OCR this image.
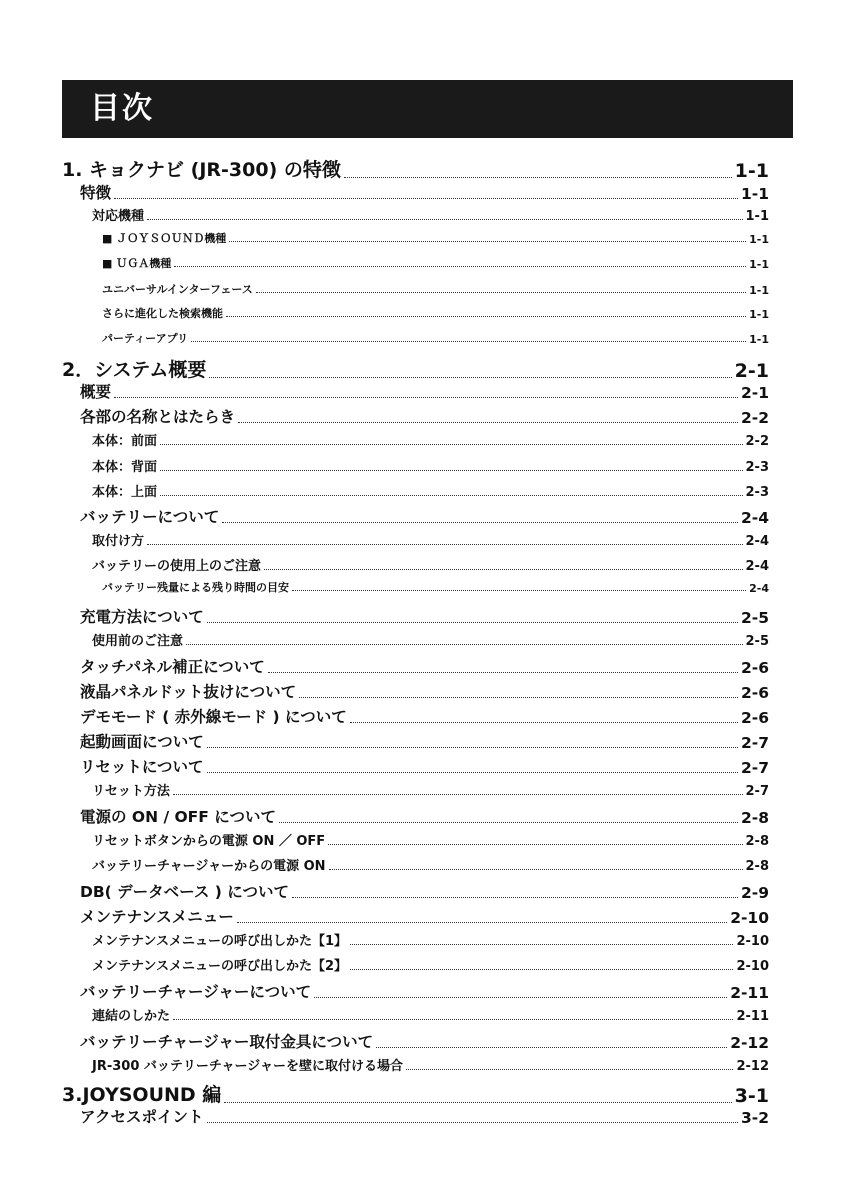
目次
1. キョクナビ (JR-300) の特徴	1-1
特徴	1-1
対応機種	1-1
■ ＪＯＹＳＯＵＮＤ機種	1-1
■ ＵＧＡ機種	1-1
ユニバーサルインターフェース	1-1
さらに進化した検索機能	1-1
パーティーアプリ	1-1
2．システム概要	2-1
概要	2-1
各部の名称とはたらき	2-2
本体：前面	2-2
本体：背面	2-3
本体：上面	2-3
バッテリーについて	2-4
取付け方	2-4
バッテリーの使用上のご注意	2-4
バッテリー残量による残り時間の目安	2-4
充電方法について	2-5
使用前のご注意	2-5
タッチパネル補正について	2-6
液晶パネルドット抜けについて	2-6
デモモード ( 赤外線モード ) について	2-6
起動画面について	2-7
リセットについて	2-7
リセット方法	2-7
電源の ON / OFF について	2-8
リセットボタンからの電源 ON ／ OFF	2-8
バッテリーチャージャーからの電源 ON	2-8
DB( データベース ) について	2-9
メンテナンスメニュー	2-10
メンテナンスメニューの呼び出しかた【1】	2-10
メンテナンスメニューの呼び出しかた【2】	2-10
バッテリーチャージャーについて	2-11
連結のしかた	2-11
バッテリーチャージャー取付金具について	2-12
JR-300 バッテリーチャージャーを壁に取付ける場合	2-12
3.JOYSOUND 編	3-1
アクセスポイント	3-2
